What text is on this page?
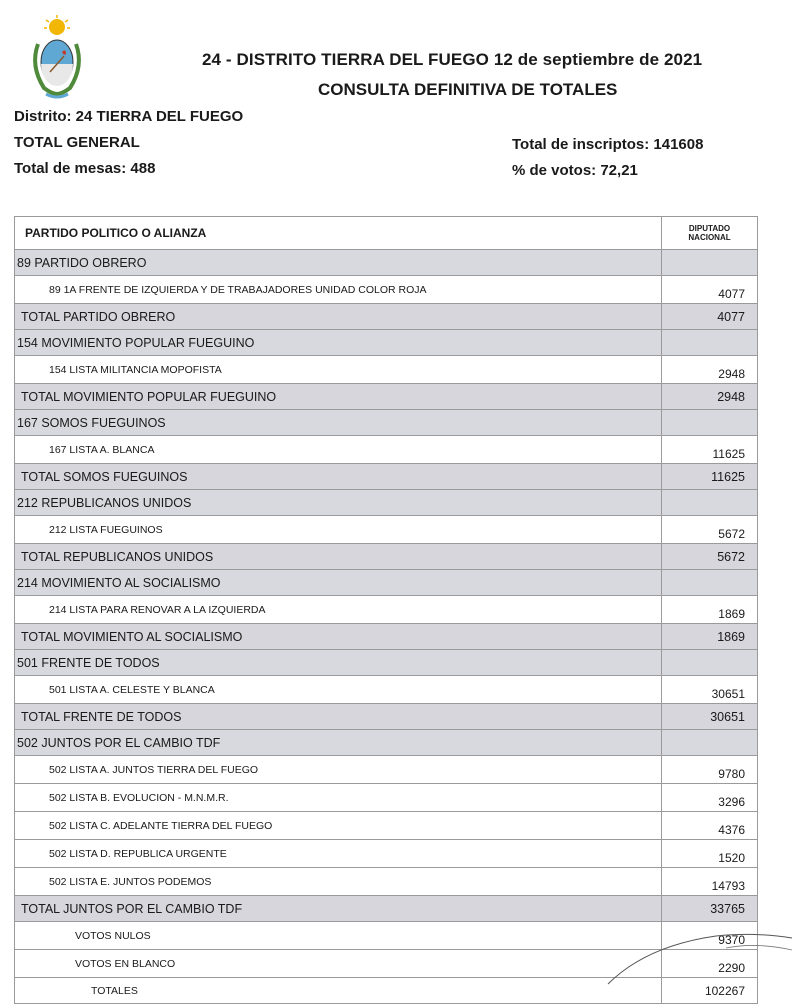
24 - DISTRITO TIERRA DEL FUEGO 12 de septiembre de 2021
CONSULTA DEFINITIVA DE TOTALES
Distrito: 24 TIERRA DEL FUEGO
TOTAL GENERAL
Total de mesas: 488
Total de inscriptos: 141608
% de votos: 72,21
PARTIDO POLITICO O ALIANZA	DIPUTADO
NACIONAL
89 PARTIDO OBRERO	
89 1A FRENTE DE IZQUIERDA Y DE TRABAJADORES UNIDAD COLOR ROJA	4077
TOTAL PARTIDO OBRERO	4077
154 MOVIMIENTO POPULAR FUEGUINO	
154 LISTA MILITANCIA MOPOFISTA	2948
TOTAL MOVIMIENTO POPULAR FUEGUINO	2948
167 SOMOS FUEGUINOS	
167 LISTA A. BLANCA	11625
TOTAL SOMOS FUEGUINOS	11625
212 REPUBLICANOS UNIDOS	
212 LISTA FUEGUINOS	5672
TOTAL REPUBLICANOS UNIDOS	5672
214 MOVIMIENTO AL SOCIALISMO	
214 LISTA PARA RENOVAR A LA IZQUIERDA	1869
TOTAL MOVIMIENTO AL SOCIALISMO	1869
501 FRENTE DE TODOS	
501 LISTA A. CELESTE Y BLANCA	30651
TOTAL FRENTE DE TODOS	30651
502 JUNTOS POR EL CAMBIO TDF	
502 LISTA A. JUNTOS TIERRA DEL FUEGO	9780
502 LISTA B. EVOLUCION - M.N.M.R.	3296
502 LISTA C. ADELANTE TIERRA DEL FUEGO	4376
502 LISTA D. REPUBLICA URGENTE	1520
502 LISTA E. JUNTOS PODEMOS	14793
TOTAL JUNTOS POR EL CAMBIO TDF	33765
VOTOS NULOS	9370
VOTOS EN BLANCO	2290
TOTALES	102267
